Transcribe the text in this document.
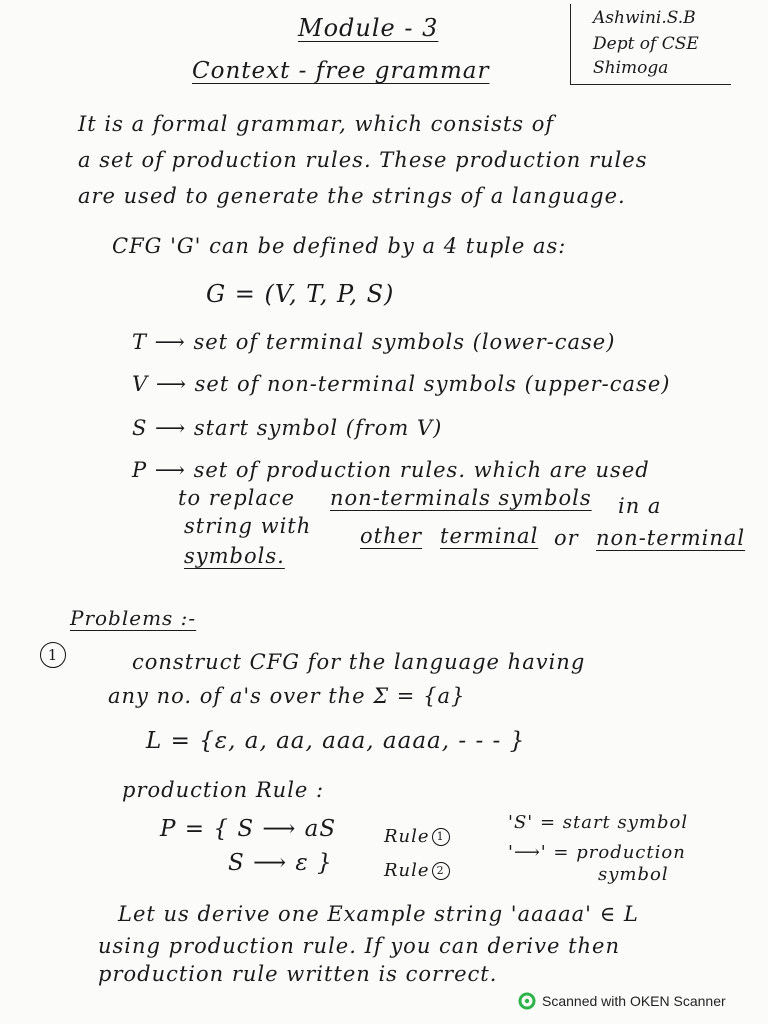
Module - 3
Context - free grammar
Ashwini.S.B
Dept of CSE
Shimoga
It is a formal grammar, which consists of
a set of production rules. These production rules
are used to generate the strings of a language.
CFG 'G' can be defined by a 4 tuple as:
G = (V, T, P, S)
T ⟶ set of terminal symbols (lower-case)
V ⟶ set of non-terminal symbols (upper-case)
S ⟶ start symbol (from V)
P ⟶ set of production rules. which are used
to replace non-terminals symbols in a
string with other terminal or non-terminal
symbols.
Problems :-
1	construct CFG for the language having
any no. of a's over the Σ = {a}
L = {ε, a, aa, aaa, aaaa, - - - }
production Rule :
P = { S ⟶ aS	Rule 1
S ⟶ ε }	Rule 2
'S' = start symbol
'⟶' = production
symbol
Let us derive one Example string 'aaaaa' ∈ L
using production rule. If you can derive then
production rule written is correct.
Scanned with OKEN Scanner
